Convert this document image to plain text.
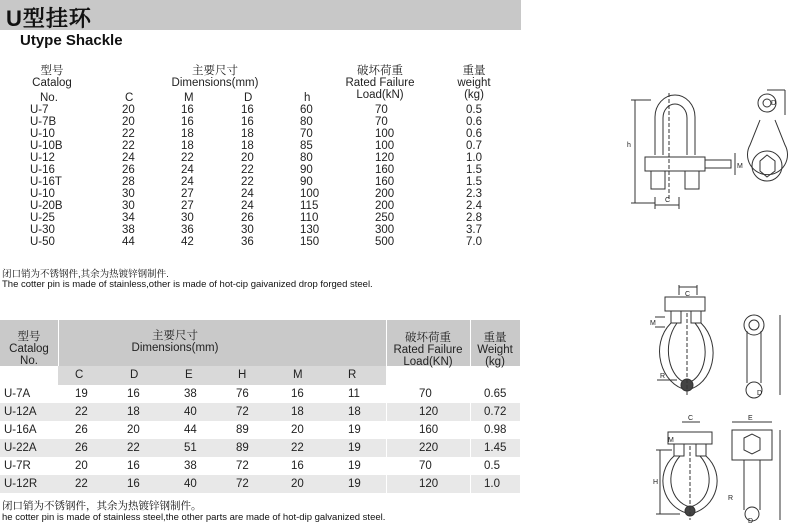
U型挂环
Utype Shackle
型号
Catalog
主要尺寸
Dimensions(mm)
破坏荷重
Rated Failure
Load(kN)
重量
weight
(kg)
No.	C	M	D	h
U-7	20	16	16	60	70	0.5
U-7B	20	16	16	80	70	0.6
U-10	22	18	18	70	100	0.6
U-10B	22	18	18	85	100	0.7
U-12	24	22	20	80	120	1.0
U-16	26	24	22	90	160	1.5
U-16T	28	24	22	90	160	1.5
U-10	30	27	24	100	200	2.3
U-20B	30	27	24	115	200	2.4
U-25	34	30	26	110	250	2.8
U-30	38	36	30	130	300	3.7
U-50	44	42	36	150	500	7.0
闭口销为不锈钢件,其余为热镀锌钢制件.
The cotter pin is made of stainless,other is made of hot-cip gaivanized drop forged steel.
型号
Catalog
No.
主要尺寸
Dimensions(mm)
破坏荷重
Rated Failure
Load(KN)
重量
Weight
(kg)
C	D	E	H	M	R
U-7A	19	16	38	76	16	11	70	0.65
U-12A	22	18	40	72	18	18	120	0.72
U-16A	26	20	44	89	20	19	160	0.98
U-22A	26	22	51	89	22	19	220	1.45
U-7R	20	16	38	72	16	19	70	0.5
U-12R	22	16	40	72	20	19	120	1.0
闭口销为不锈钢件，其余为热镀锌钢制件。
he cotter pin is made of stainless steel,the other parts are made of hot-dip galvanized steel.
h
C
M
D
C
M
R
D
C	E
H
M
R
D
